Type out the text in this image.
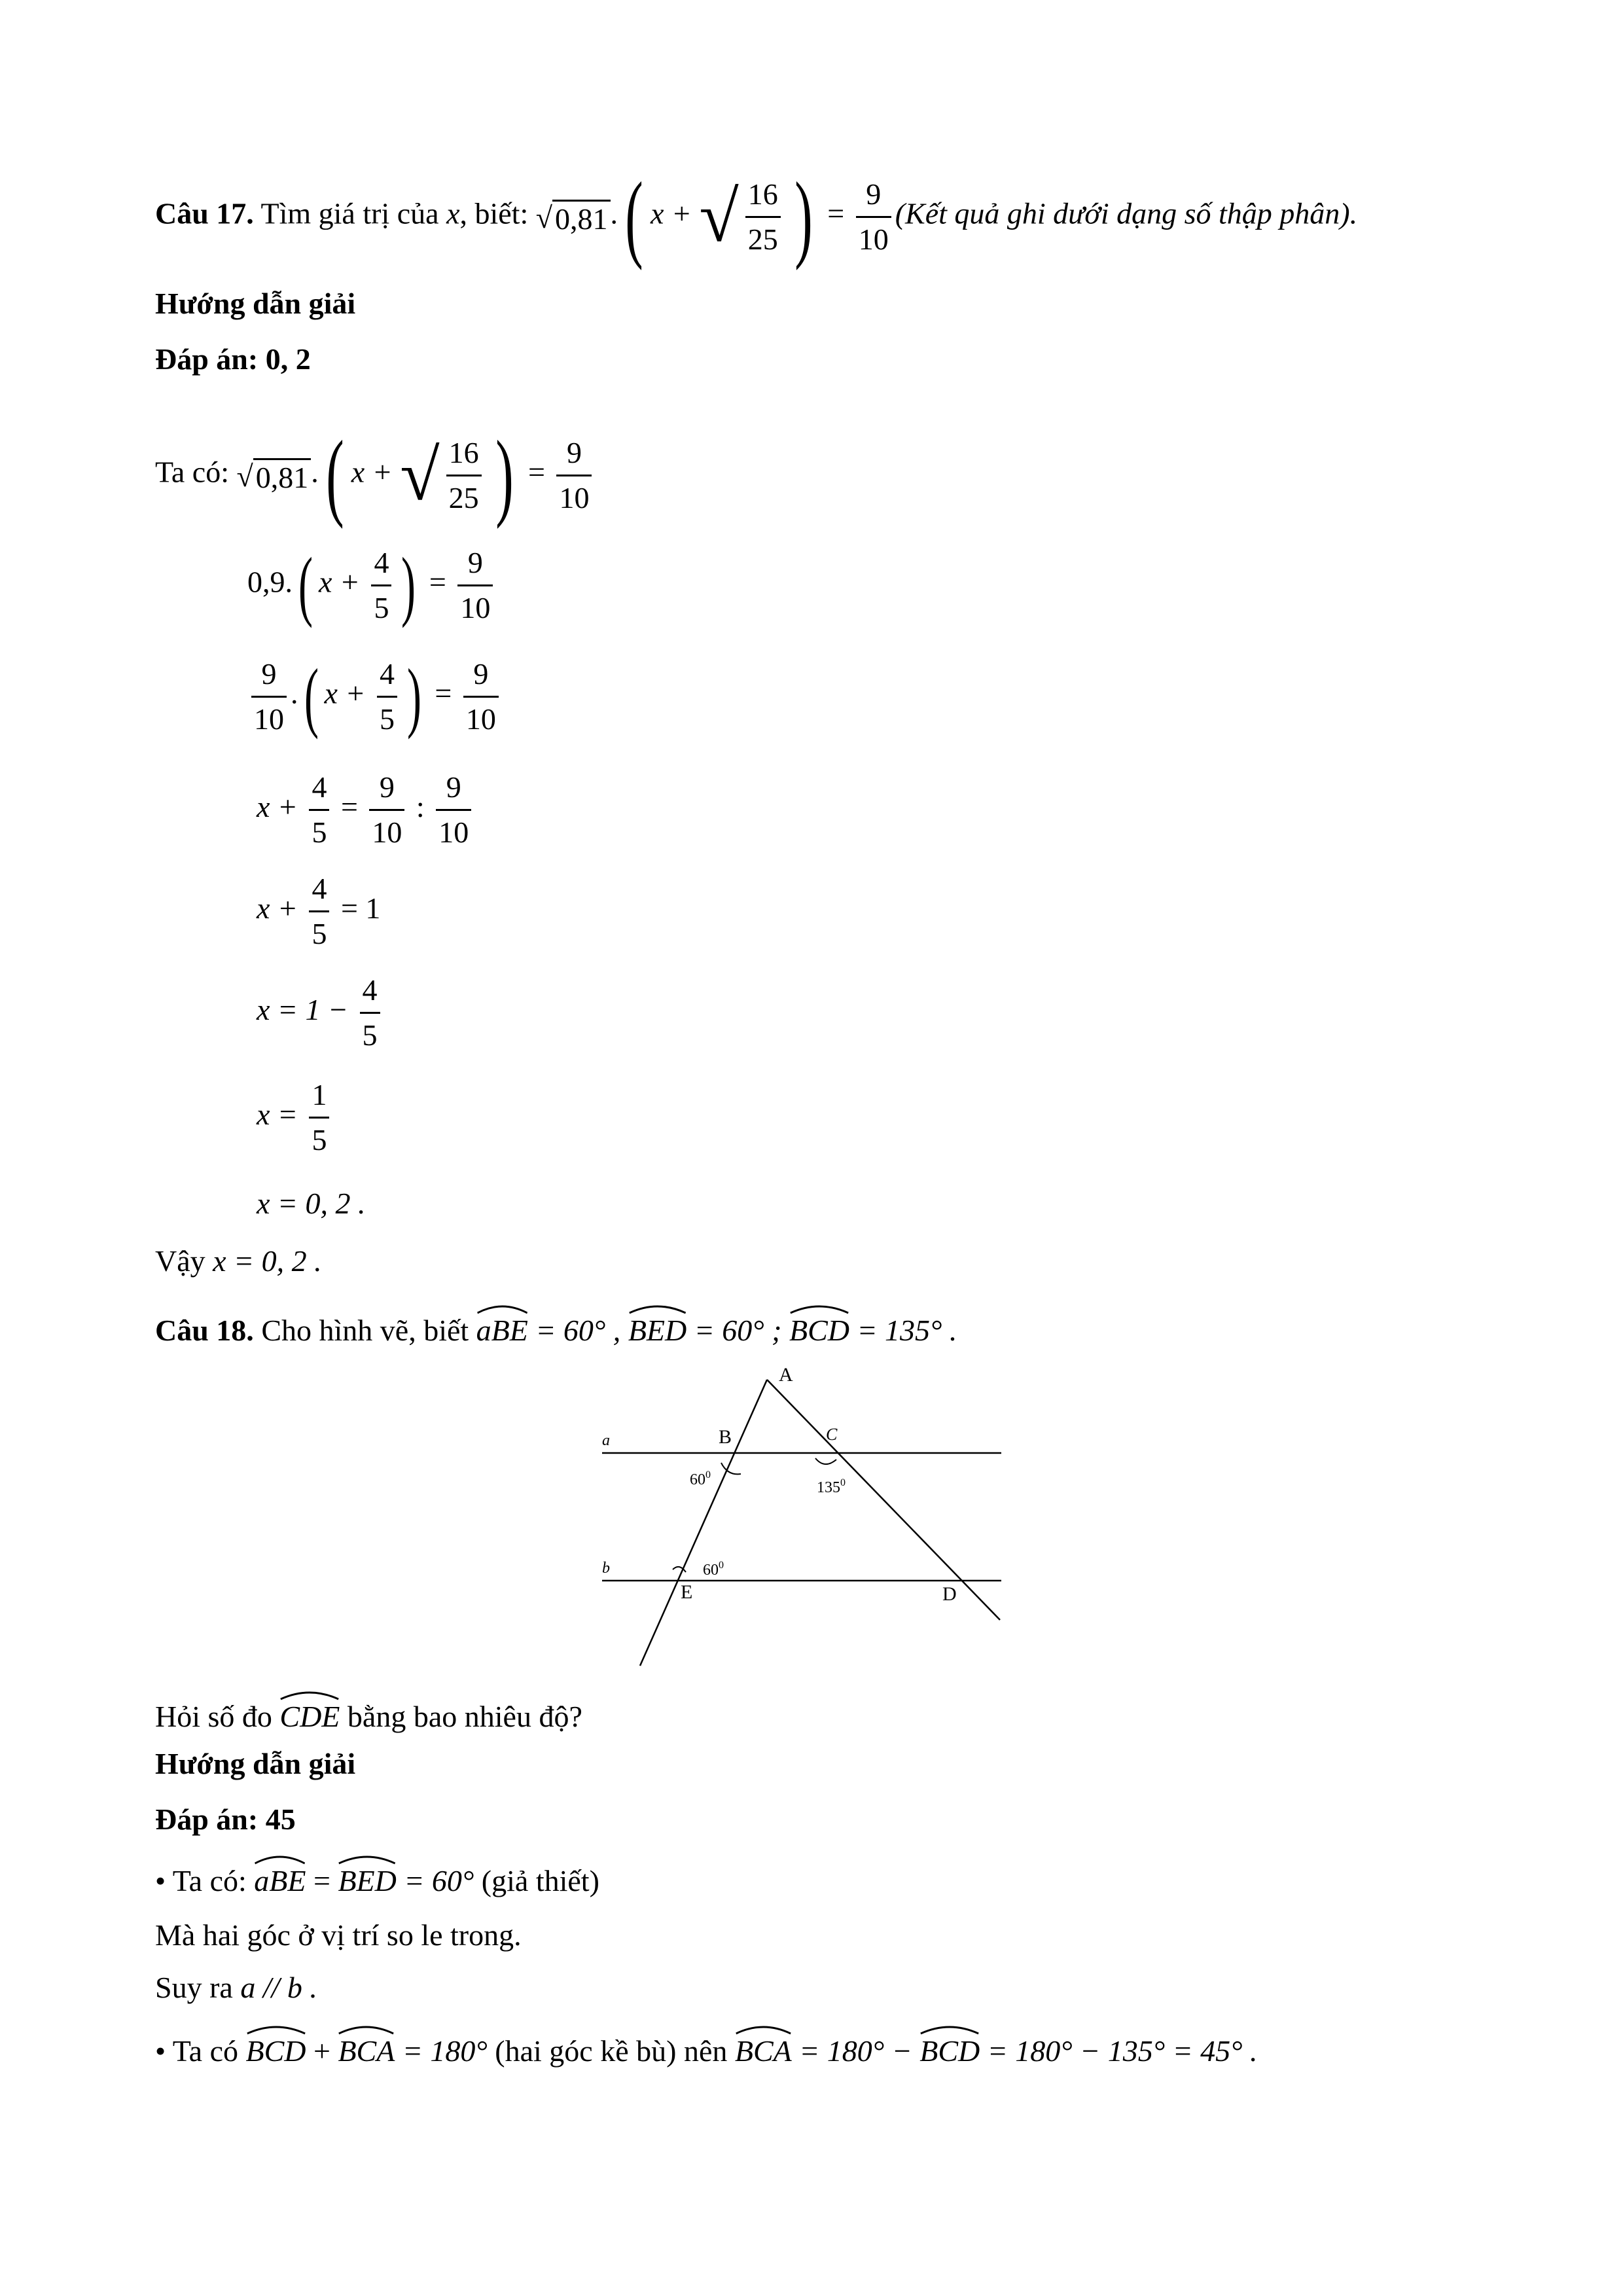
Câu 17. Tìm giá trị của x, biết: √0,81.( x + √ $\frac{16}{25}$ ) = $\frac{9}{10}$ (Kết quả ghi dưới dạng số thập phân).
Hướng dẫn giải
Đáp án: 0, 2
Ta có: √0,81.( x + √ $\frac{16}{25}$ ) = $\frac{9}{10}$
0,9.( $x + \frac{4}{5}$ ) = $\frac{9}{10}$
$\frac{9}{10}$ .( $x + \frac{4}{5}$ ) = $\frac{9}{10}$
$x + \frac{4}{5} = \frac{9}{10}$ : $\frac{9}{10}$
$x + \frac{4}{5} = 1$
$x = 1 - \frac{4}{5}$
$x = \frac{1}{5}$
x = 0, 2 .
Vậy x = 0, 2 .
Câu 18. Cho hình vẽ, biết aBE = 60° , BED = 60° ; BCD = 135° .
A
B	C
D
E
a
b
$60^0$
$135^0$
$60^0$
Hỏi số đo CDE bằng bao nhiêu độ?
Hướng dẫn giải
Đáp án: 45
• Ta có: aBE = BED = 60° (giả thiết)
Mà hai góc ở vị trí so le trong.
Suy ra a // b .
• Ta có BCD + BCA = 180° (hai góc kề bù) nên BCA = 180° − BCD = 180° − 135° = 45° .
